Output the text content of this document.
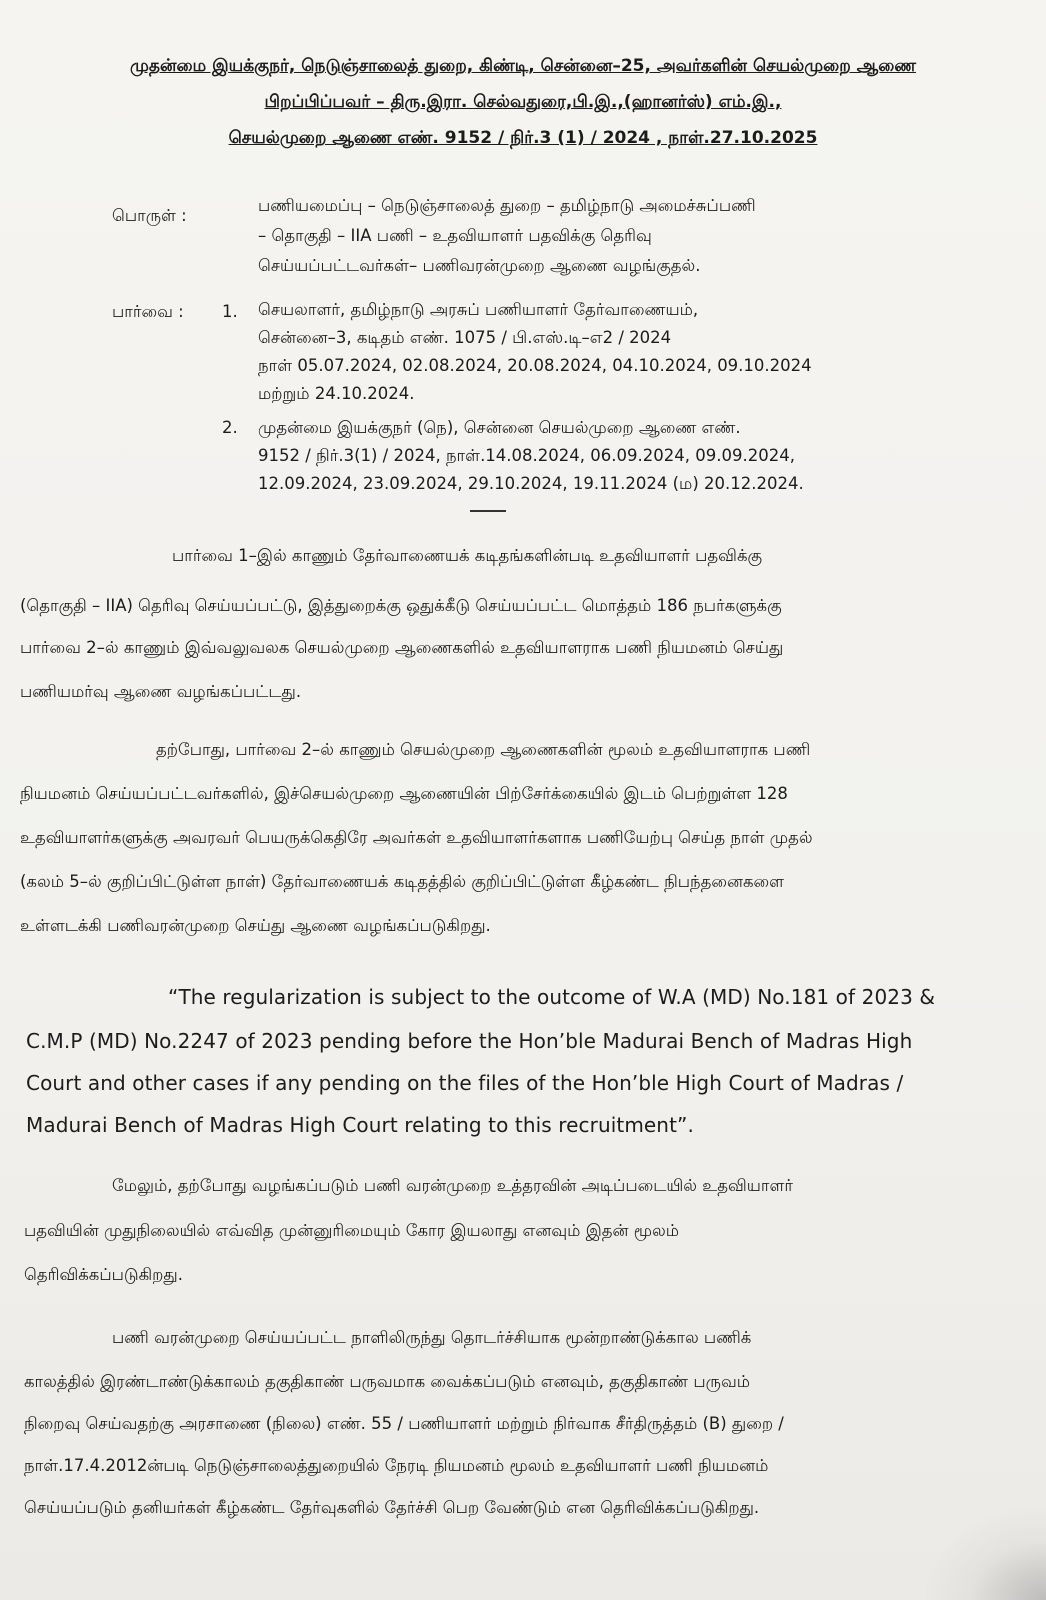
முதன்மை இயக்குநர், நெடுஞ்சாலைத் துறை, கிண்டி, சென்னை–25, அவர்களின் செயல்முறை ஆணை

பிறப்பிப்பவர் – திரு.இரா. செல்வதுரை,பி.இ.,(ஹானர்ஸ்) எம்.இ.,

செயல்முறை ஆணை எண். 9152 / நிர்.3 (1) / 2024 , நாள்.27.10.2025

பொருள் :
பணியமைப்பு – நெடுஞ்சாலைத் துறை – தமிழ்நாடு அமைச்சுப்பணி
– தொகுதி – IIA பணி – உதவியாளர் பதவிக்கு தெரிவு
செய்யப்பட்டவர்கள்– பணிவரன்முறை ஆணை வழங்குதல்.
பார்வை : 1. செயலாளர், தமிழ்நாடு அரசுப் பணியாளர் தேர்வாணையம்,
சென்னை–3, கடிதம் எண். 1075 / பி.எஸ்.டி–எ2 / 2024
நாள் 05.07.2024, 02.08.2024, 20.08.2024, 04.10.2024, 09.10.2024
மற்றும் 24.10.2024.
2. முதன்மை இயக்குநர் (நெ), சென்னை செயல்முறை ஆணை எண்.
9152 / நிர்.3(1) / 2024, நாள்.14.08.2024, 06.09.2024, 09.09.2024,
12.09.2024, 23.09.2024, 29.10.2024, 19.11.2024 (ம) 20.12.2024.
பார்வை 1–இல் காணும் தேர்வாணையக் கடிதங்களின்படி உதவியாளர் பதவிக்கு
(தொகுதி – IIA) தெரிவு செய்யப்பட்டு, இத்துறைக்கு ஒதுக்கீடு செய்யப்பட்ட மொத்தம் 186 நபர்களுக்கு
பார்வை 2–ல் காணும் இவ்வலுவலக செயல்முறை ஆணைகளில் உதவியாளராக பணி நியமனம் செய்து
பணியமர்வு ஆணை வழங்கப்பட்டது.
தற்போது, பார்வை 2–ல் காணும் செயல்முறை ஆணைகளின் மூலம் உதவியாளராக பணி
நியமனம் செய்யப்பட்டவர்களில், இச்செயல்முறை ஆணையின் பிற்சேர்க்கையில் இடம் பெற்றுள்ள 128
உதவியாளர்களுக்கு அவரவர் பெயருக்கெதிரே அவர்கள் உதவியாளர்களாக பணியேற்பு செய்த நாள் முதல்
(கலம் 5–ல் குறிப்பிட்டுள்ள நாள்) தேர்வாணையக் கடிதத்தில் குறிப்பிட்டுள்ள கீழ்கண்ட நிபந்தனைகளை
உள்ளடக்கி பணிவரன்முறை செய்து ஆணை வழங்கப்படுகிறது.
“The regularization is subject to the outcome of W.A (MD) No.181 of 2023 &
C.M.P (MD) No.2247 of 2023 pending before the Hon’ble Madurai Bench of Madras High
Court and other cases if any pending on the files of the Hon’ble High Court of Madras /
Madurai Bench of Madras High Court relating to this recruitment”.
மேலும், தற்போது வழங்கப்படும் பணி வரன்முறை உத்தரவின் அடிப்படையில் உதவியாளர்
பதவியின் முதுநிலையில் எவ்வித முன்னுரிமையும் கோர இயலாது எனவும் இதன் மூலம்
தெரிவிக்கப்படுகிறது.
பணி வரன்முறை செய்யப்பட்ட நாளிலிருந்து தொடர்ச்சியாக மூன்றாண்டுக்கால பணிக்
காலத்தில் இரண்டாண்டுக்காலம் தகுதிகாண் பருவமாக வைக்கப்படும் எனவும், தகுதிகாண் பருவம்
நிறைவு செய்வதற்கு அரசாணை (நிலை) எண். 55 / பணியாளர் மற்றும் நிர்வாக சீர்திருத்தம் (B) துறை /
நாள்.17.4.2012ன்படி நெடுஞ்சாலைத்துறையில் நேரடி நியமனம் மூலம் உதவியாளர் பணி நியமனம்
செய்யப்படும் தனியர்கள் கீழ்கண்ட தேர்வுகளில் தேர்ச்சி பெற வேண்டும் என தெரிவிக்கப்படுகிறது.
